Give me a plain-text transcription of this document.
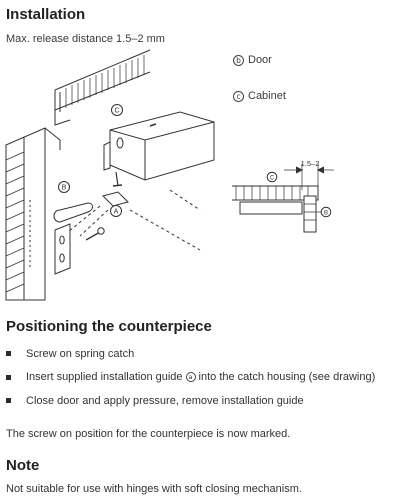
Installation
Max. release distance 1.5–2 mm
b Door
c Cabinet
C
B
A
C
B
1.5–2
Positioning the counterpiece
Screw on spring catch
Insert supplied installation guide a into the catch housing (see drawing)
Close door and apply pressure, remove installation guide
The screw on position for the counterpiece is now marked.
Note
Not suitable for use with hinges with soft closing mechanism.
